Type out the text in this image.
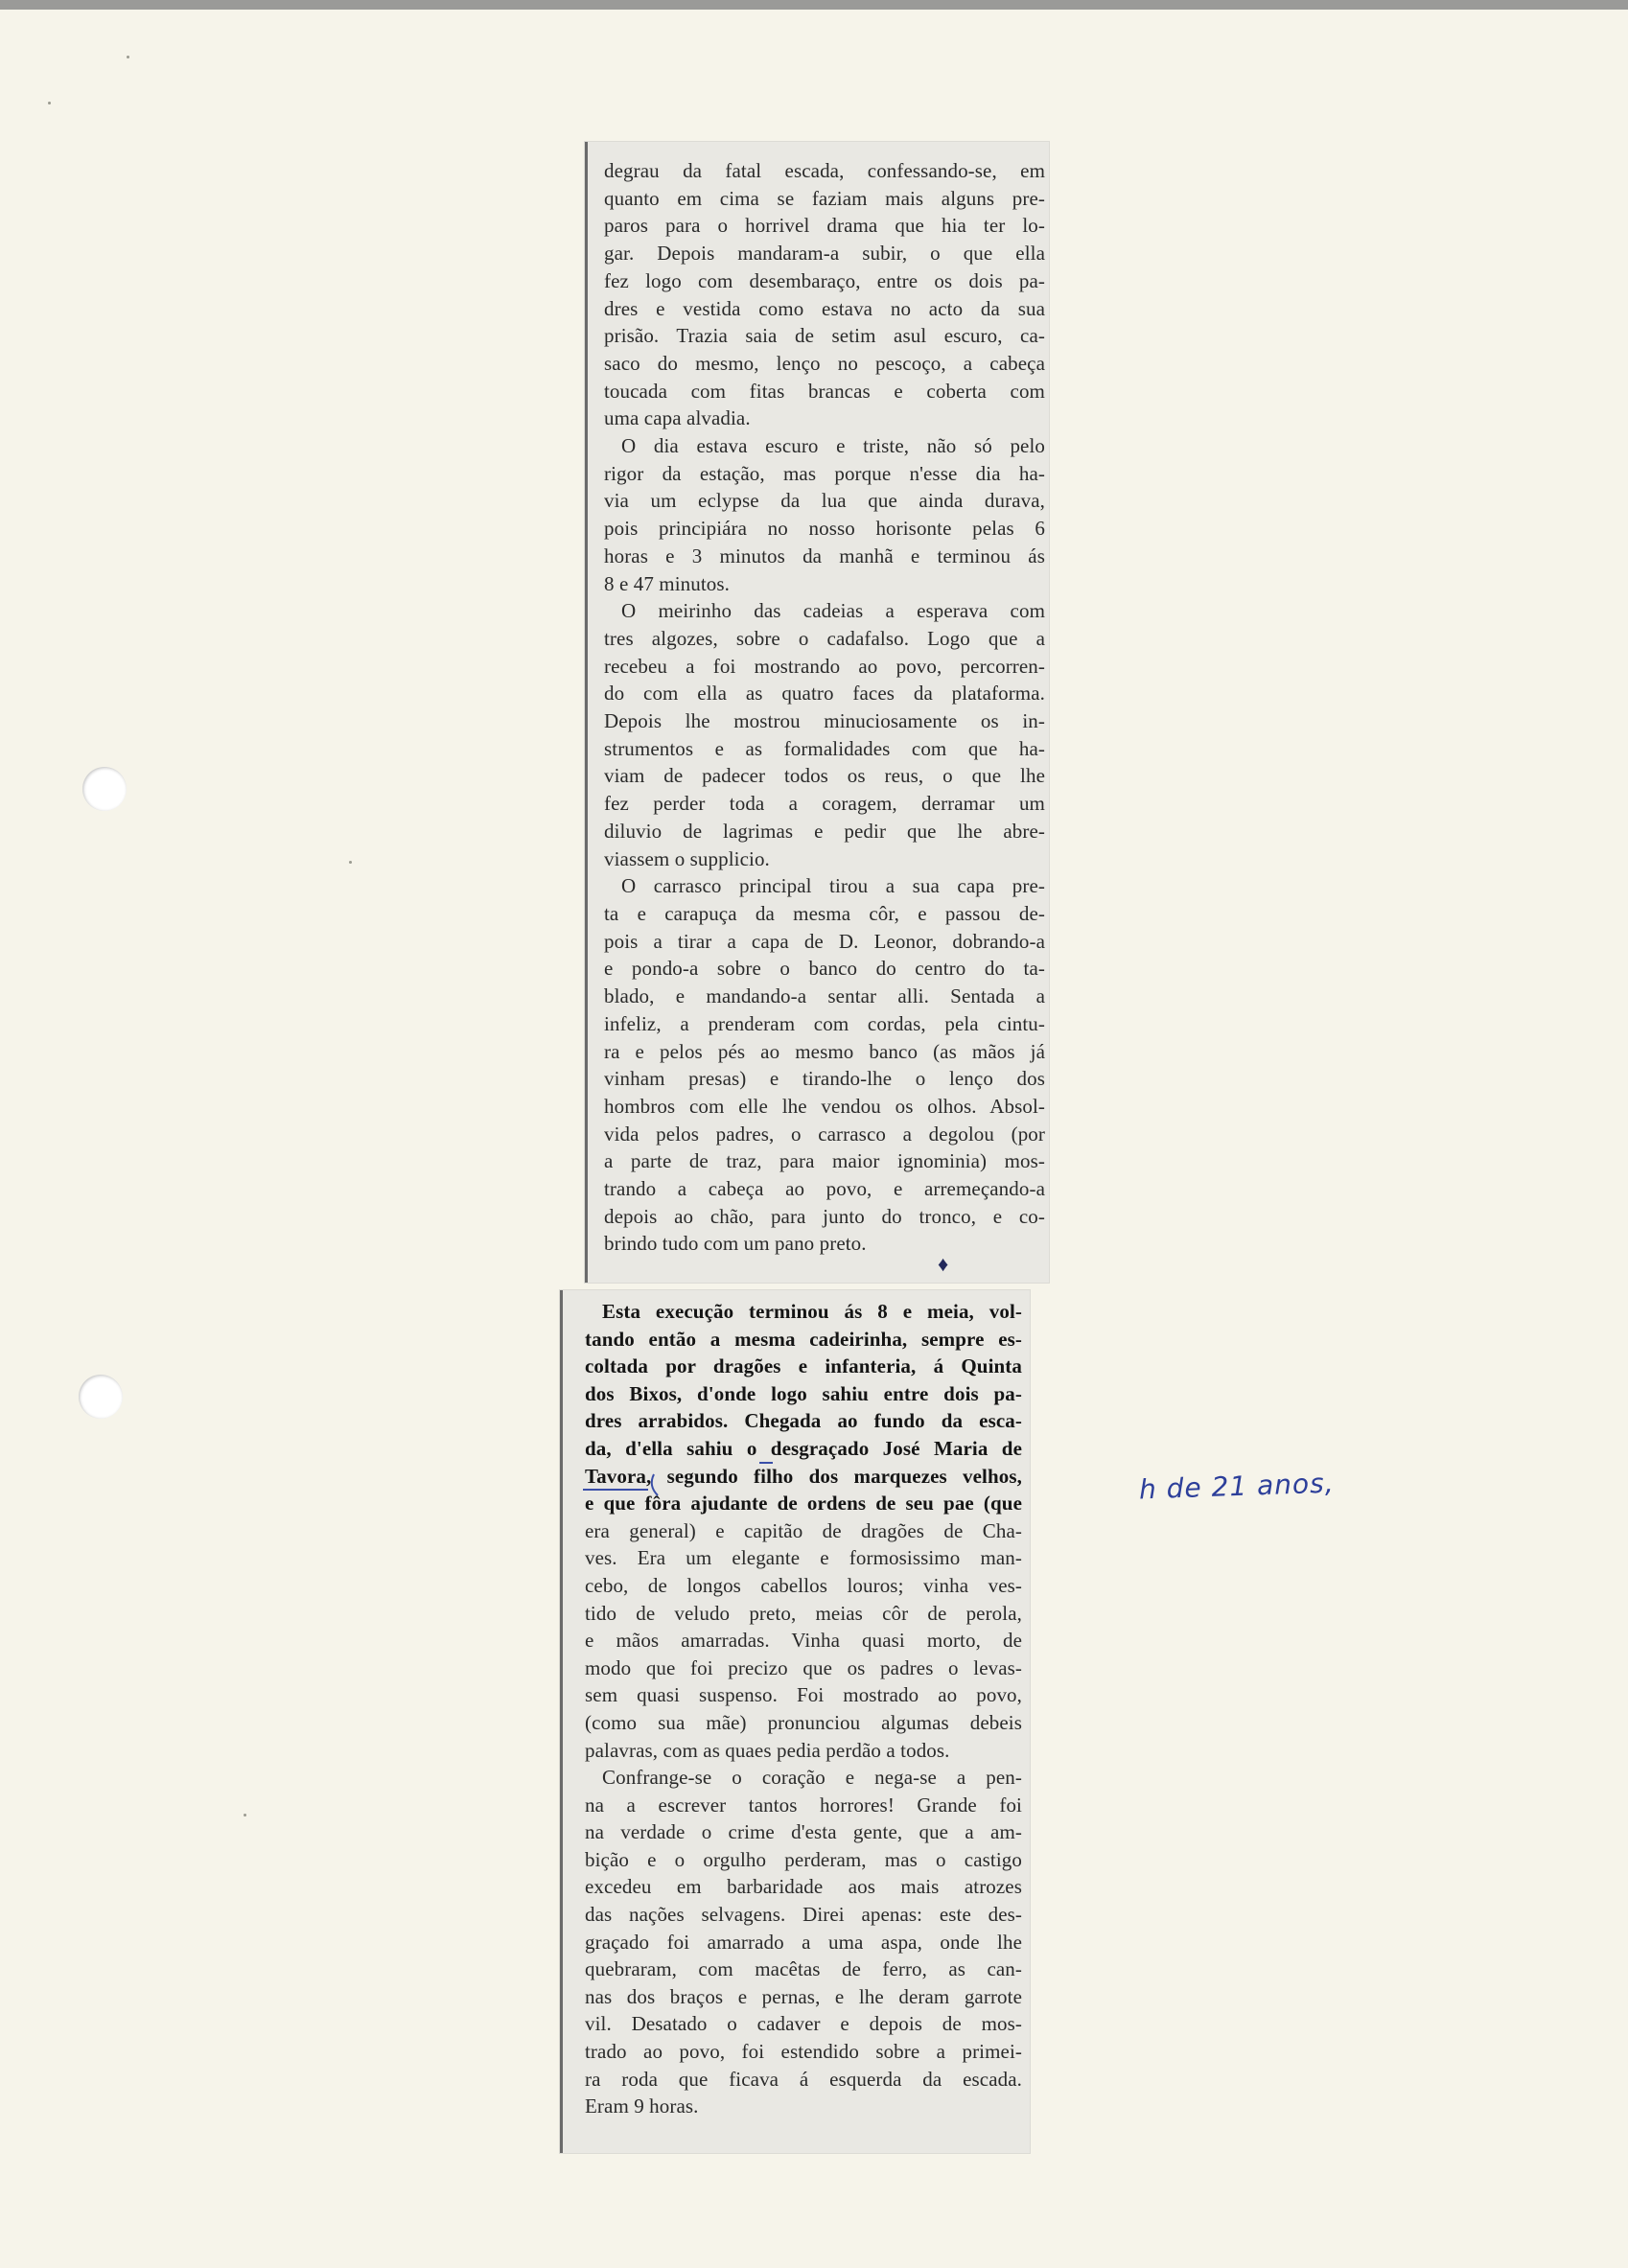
degrau da fatal escada, confessando-se, em
quanto em cima se faziam mais alguns pre-
paros para o horrivel drama que hia ter lo-
gar. Depois mandaram-a subir, o que ella
fez logo com desembaraço, entre os dois pa-
dres e vestida como estava no acto da sua
prisão. Trazia saia de setim asul escuro, ca-
saco do mesmo, lenço no pescoço, a cabeça
toucada com fitas brancas e coberta com
uma capa alvadia.
O dia estava escuro e triste, não só pelo
rigor da estação, mas porque n'esse dia ha-
via um eclypse da lua que ainda durava,
pois principiára no nosso horisonte pelas 6
horas e 3 minutos da manhã e terminou ás
8 e 47 minutos.
O meirinho das cadeias a esperava com
tres algozes, sobre o cadafalso. Logo que a
recebeu a foi mostrando ao povo, percorren-
do com ella as quatro faces da plataforma.
Depois lhe mostrou minuciosamente os in-
strumentos e as formalidades com que ha-
viam de padecer todos os reus, o que lhe
fez perder toda a coragem, derramar um
diluvio de lagrimas e pedir que lhe abre-
viassem o supplicio.
O carrasco principal tirou a sua capa pre-
ta e carapuça da mesma côr, e passou de-
pois a tirar a capa de D. Leonor, dobrando-a
e pondo-a sobre o banco do centro do ta-
blado, e mandando-a sentar alli. Sentada a
infeliz, a prenderam com cordas, pela cintu-
ra e pelos pés ao mesmo banco (as mãos já
vinham presas) e tirando-lhe o lenço dos
hombros com elle lhe vendou os olhos. Absol-
vida pelos padres, o carrasco a degolou (por
a parte de traz, para maior ignominia) mos-
trando a cabeça ao povo, e arremeçando-a
depois ao chão, para junto do tronco, e co-
brindo tudo com um pano preto.
♦
Esta execução terminou ás 8 e meia, vol-
tando então a mesma cadeirinha, sempre es-
coltada por dragões e infanteria, á Quinta
dos Bixos, d'onde logo sahiu entre dois pa-
dres arrabidos. Chegada ao fundo da esca-
da, d'ella sahiu o desgraçado José Maria de
Tavora, segundo filho dos marquezes velhos,
e que fôra ajudante de ordens de seu pae (que
era general) e capitão de dragões de Cha-
ves. Era um elegante e formosissimo man-
cebo, de longos cabellos louros; vinha ves-
tido de veludo preto, meias côr de perola,
e mãos amarradas. Vinha quasi morto, de
modo que foi precizo que os padres o levas-
sem quasi suspenso. Foi mostrado ao povo,
(como sua mãe) pronunciou algumas debeis
palavras, com as quaes pedia perdão a todos.
Confrange-se o coração e nega-se a pen-
na a escrever tantos horrores! Grande foi
na verdade o crime d'esta gente, que a am-
bição e o orgulho perderam, mas o castigo
excedeu em barbaridade aos mais atrozes
das nações selvagens. Direi apenas: este des-
graçado foi amarrado a uma aspa, onde lhe
quebraram, com macêtas de ferro, as can-
nas dos braços e pernas, e lhe deram garrote
vil. Desatado o cadaver e depois de mos-
trado ao povo, foi estendido sobre a primei-
ra roda que ficava á esquerda da escada.
Eram 9 horas.
h de 21 anos,
